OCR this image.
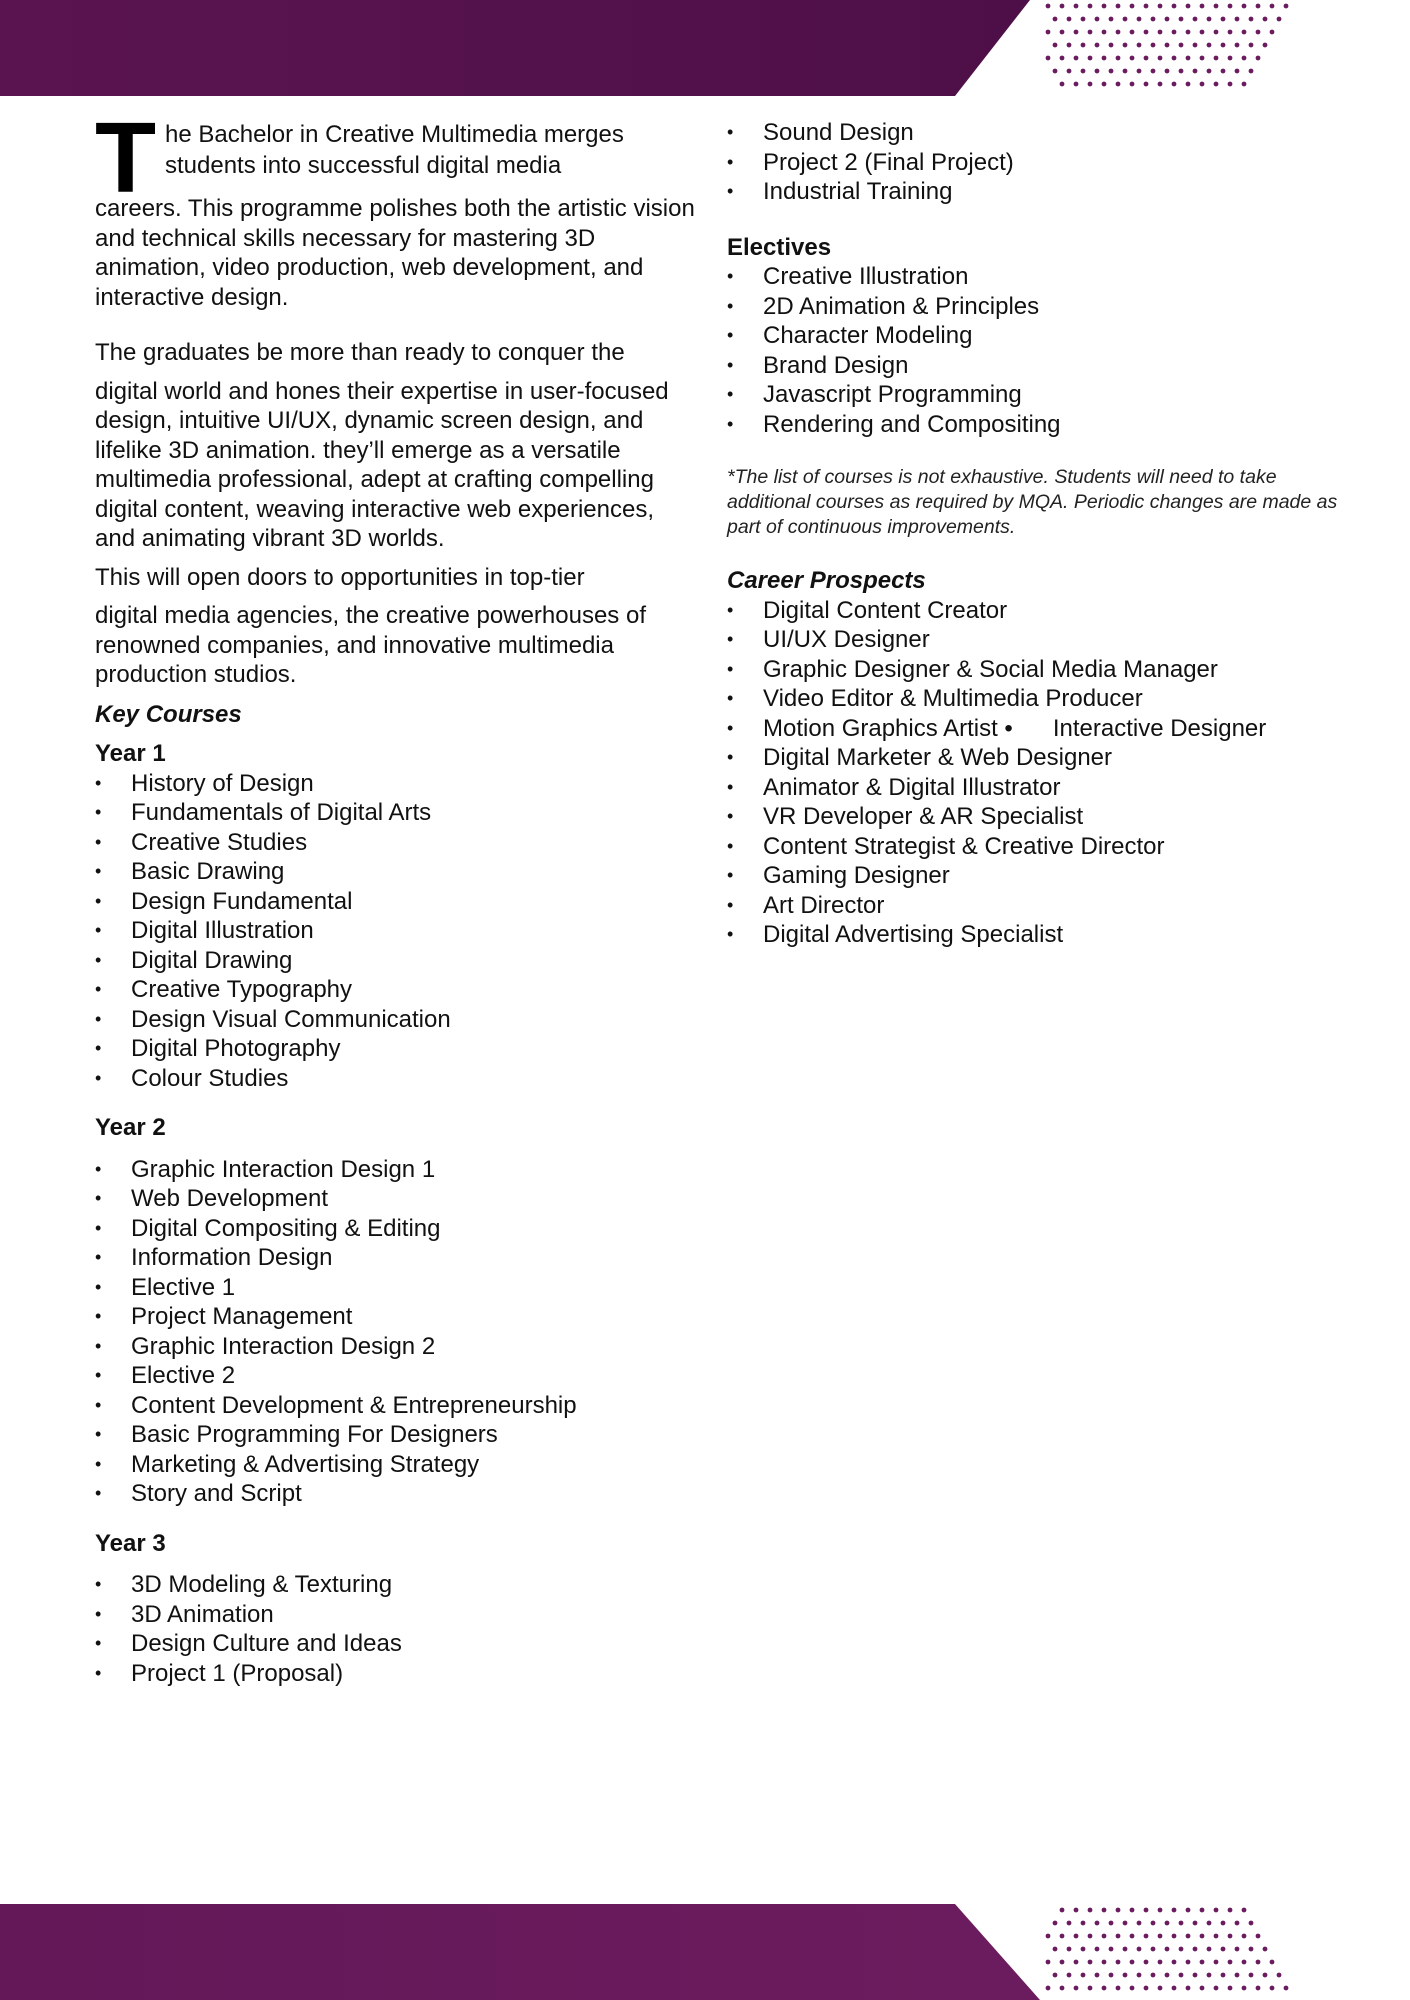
T he Bachelor in Creative Multimedia merges
students into successful digital media
careers. This programme polishes both the artistic vision and technical skills necessary for mastering 3D animation, video production, web development, and interactive design.

The graduates be more than ready to conquer the

digital world and hones their expertise in user-focused design, intuitive UI/UX, dynamic screen design, and lifelike 3D animation. they’ll emerge as a versatile multimedia professional, adept at crafting compelling digital content, weaving interactive web experiences, and animating vibrant 3D worlds.

This will open doors to opportunities in top-tier

digital media agencies, the creative powerhouses of renowned companies, and innovative multimedia production studios.

Key Courses

Year 1

• History of Design
• Fundamentals of Digital Arts
• Creative Studies
• Basic Drawing
• Design Fundamental
• Digital Illustration
• Digital Drawing
• Creative Typography
• Design Visual Communication
• Digital Photography
• Colour Studies

Year 2

• Graphic Interaction Design 1
• Web Development
• Digital Compositing & Editing
• Information Design
• Elective 1
• Project Management
• Graphic Interaction Design 2
• Elective 2
• Content Development & Entrepreneurship
• Basic Programming For Designers
• Marketing & Advertising Strategy
• Story and Script

Year 3

• 3D Modeling & Texturing
• 3D Animation
• Design Culture and Ideas
• Project 1 (Proposal)
• Sound Design
• Project 2 (Final Project)
• Industrial Training

Electives

• Creative Illustration
• 2D Animation & Principles
• Character Modeling
• Brand Design
• Javascript Programming
• Rendering and Compositing

*The list of courses is not exhaustive. Students will need to take additional courses as required by MQA. Periodic changes are made as part of continuous improvements.

Career Prospects

• Digital Content Creator
• UI/UX Designer
• Graphic Designer & Social Media Manager
• Video Editor & Multimedia Producer
• Motion Graphics Artist • Interactive Designer
• Digital Marketer & Web Designer
• Animator & Digital Illustrator
• VR Developer & AR Specialist
• Content Strategist & Creative Director
• Gaming Designer
• Art Director
• Digital Advertising Specialist
